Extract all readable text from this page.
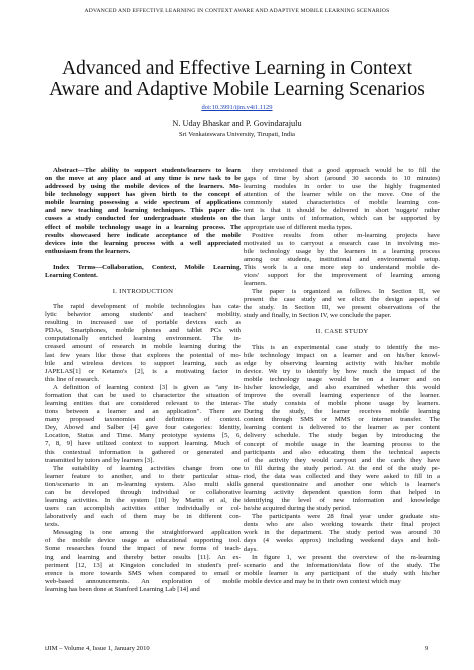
ADVANCED AND EFFECTIVE LEARNING IN CONTEXT AWARE AND ADAPTIVE MOBILE LEARNING SCENARIOS
Advanced and Effective Learning in Context
Aware and Adaptive Mobile Learning Scenarios
doi:10.3991/ijim.v4i1.1129
N. Uday Bhaskar and P. Govindarajulu
Sri Venkateswara University, Tirupati, India
Abstract—The ability to support students/learners to learn
on the move at any place and at any time is new task to be
addressed by using the mobile devices of the learners. Mo-
bile technology support has given birth to the concept of
mobile learning possessing a wide spectrum of applications
and new teaching and learning techniques. This paper dis-
cusses a study conducted for undergraduate students on the
effect of mobile technology usage in a learning process. The
results showcased here indicate acceptance of the mobile
devices into the learning process with a well appreciated
enthusiasm from the learners.
Index Terms—Collaboration, Context, Mobile Learning,
Learning Content.
I. INTRODUCTION
The rapid development of mobile technologies has cata-
lytic behavior among students' and teachers' mobility,
resulting in increased use of portable devices such as
PDAs, Smartphones, mobile phones and tablet PCs with
computationally enriched learning environment. The in-
creased amount of research in mobile learning during the
last few years like those that explores the potential of mo-
bile and wireless devices to support learning, such as
JAPELAS[1] or Ketamo's [2], is a motivating factor in
this line of research.
A definition of learning context [3] is given as "any in-
formation that can be used to characterize the situation of
learning entities that are considered relevant to the interac-
tions between a learner and an application". There are
many proposed taxonomies and definitions of context.
Dey, Abowd and Salber [4] gave four categories: Identity,
Location, Status and Time. Many prototype systems [5, 6,
7, 8, 9] have utilized context to support learning. Much of
this contextual information is gathered or generated and
transmitted by tutors and by learners [3].
The suitability of learning activities change from one
learner feature to another, and to their particular situa-
tion/scenario in an m-learning system. Also multi skills
can be developed through individual or collaborative
learning activities. In the system [10] by Martin et al, the
users can accomplish activities either individually or col-
laboratively and each of them may be in different con-
texts.
Messaging is one among the straightforward application
of the mobile device usage as educational supporting tool.
Some researches found the impact of new forms of teach-
ing and learning and thereby better results [11]. An ex-
periment [12, 13] at Kingston concluded in student's pref-
erence is more towards SMS when compared to email or
web-based announcements. An exploration of mobile
learning has been done at Stanford Learning Lab [14] and
they envisioned that a good approach would be to fill the
gaps of time by short (around 30 seconds to 10 minutes)
learning modules in order to use the highly fragmented
attention of the learner while on the move. One of the
commonly stated characteristics of mobile learning con-
tent is that it should be delivered in short 'nuggets' rather
than large units of information, which can be supported by
appropriate use of different media types.
Positive results from other m-learning projects have
motivated us to carryout a research case in involving mo-
bile technology usage by the learners in a learning process
among our students, institutional and environmental setup.
This work is a one more step to understand mobile de-
vices' support for the improvement of learning among
learners.
The paper is organized as follows. In Section II, we
present the case study and we elicit the design aspects of
the study. In Section III, we present observations of the
study and finally, in Section IV, we conclude the paper.
II. CASE STUDY
This is an experimental case study to identify the mo-
bile technology impact on a learner and on his/her knowl-
edge by observing learning activity with his/her mobile
device. We try to identify by how much the impact of the
mobile technology usage would be on a learner and on
his/her knowledge, and also examined whether this would
improve the overall learning experience of the learner.
The study consists of mobile phone usage by learners.
During the study, the learner receives mobile learning
content through SMS or MMS or internet transfer. The
learning content is delivered to the learner as per content
delivery schedule. The study began by introducing the
concept of mobile usage in the learning process to the
participants and also educating them the technical aspects
of the activity they would carryout and the cards they have
to fill during the study period. At the end of the study pe-
riod, the data was collected and they were asked to fill in a
general questionnaire and another one which is learner's
learning activity dependent question form that helped in
identifying the level of new information and knowledge
he/she acquired during the study period.
The participants were 28 final year under graduate stu-
dents who are also working towards their final project
work in the department. The study period was around 30
days (4 weeks approx) including weekend days and holi-
days.
In figure 1, we present the overview of the m-learning
scenario and the information/data flow of the study. The
mobile learner is any participant of the study with his/her
mobile device and may be in their own context which may
iJIM – Volume 4, Issue 1, January 2010	9
